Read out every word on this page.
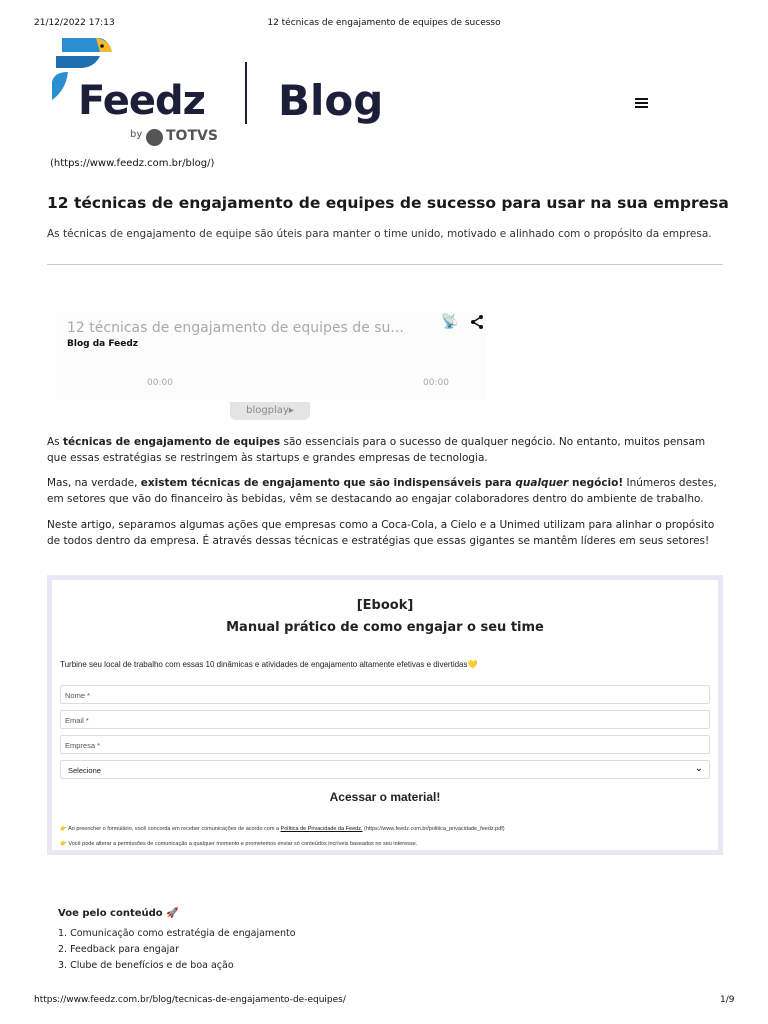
21/12/2022 17:13	12 técnicas de engajamento de equipes de sucesso
Feedz
by TOTVS
Blog
(https://www.feedz.com.br/blog/)
12 técnicas de engajamento de equipes de sucesso para usar na sua empresa
As técnicas de engajamento de equipe são úteis para manter o time unido, motivado e alinhado com o propósito da empresa.
12 técnicas de engajamento de equipes de su...
Blog da Feedz
📡
00:00	00:00
blogplay▸
As técnicas de engajamento de equipes são essenciais para o sucesso de qualquer negócio. No entanto, muitos pensam que essas estratégias se restringem às startups e grandes empresas de tecnologia.
Mas, na verdade, existem técnicas de engajamento que são indispensáveis para qualquer negócio! Inúmeros destes, em setores que vão do financeiro às bebidas, vêm se destacando ao engajar colaboradores dentro do ambiente de trabalho.
Neste artigo, separamos algumas ações que empresas como a Coca-Cola, a Cielo e a Unimed utilizam para alinhar o propósito de todos dentro da empresa. É através dessas técnicas e estratégias que essas gigantes se mantêm líderes em seus setores!
[Ebook]
Manual prático de como engajar o seu time
Turbine seu local de trabalho com essas 10 dinâmicas e atividades de engajamento altamente efetivas e divertidas💛
Nome *
Email *
Empresa *
Selecione	⌄
Acessar o material!
👉 Ao preencher o formulário, você concorda em receber comunicações de acordo com a Política de Privacidade da Feedz. (https://www.feedz.com.br/politica_privacidade_feedz.pdf)
👉 Você pode alterar a permissões de comunicação a qualquer momento e prometemos enviar só conteúdos incríveis baseados no seu interesse.
Voe pelo conteúdo 🚀
1. Comunicação como estratégia de engajamento
2. Feedback para engajar
3. Clube de benefícios e de boa ação
https://www.feedz.com.br/blog/tecnicas-de-engajamento-de-equipes/	1/9
